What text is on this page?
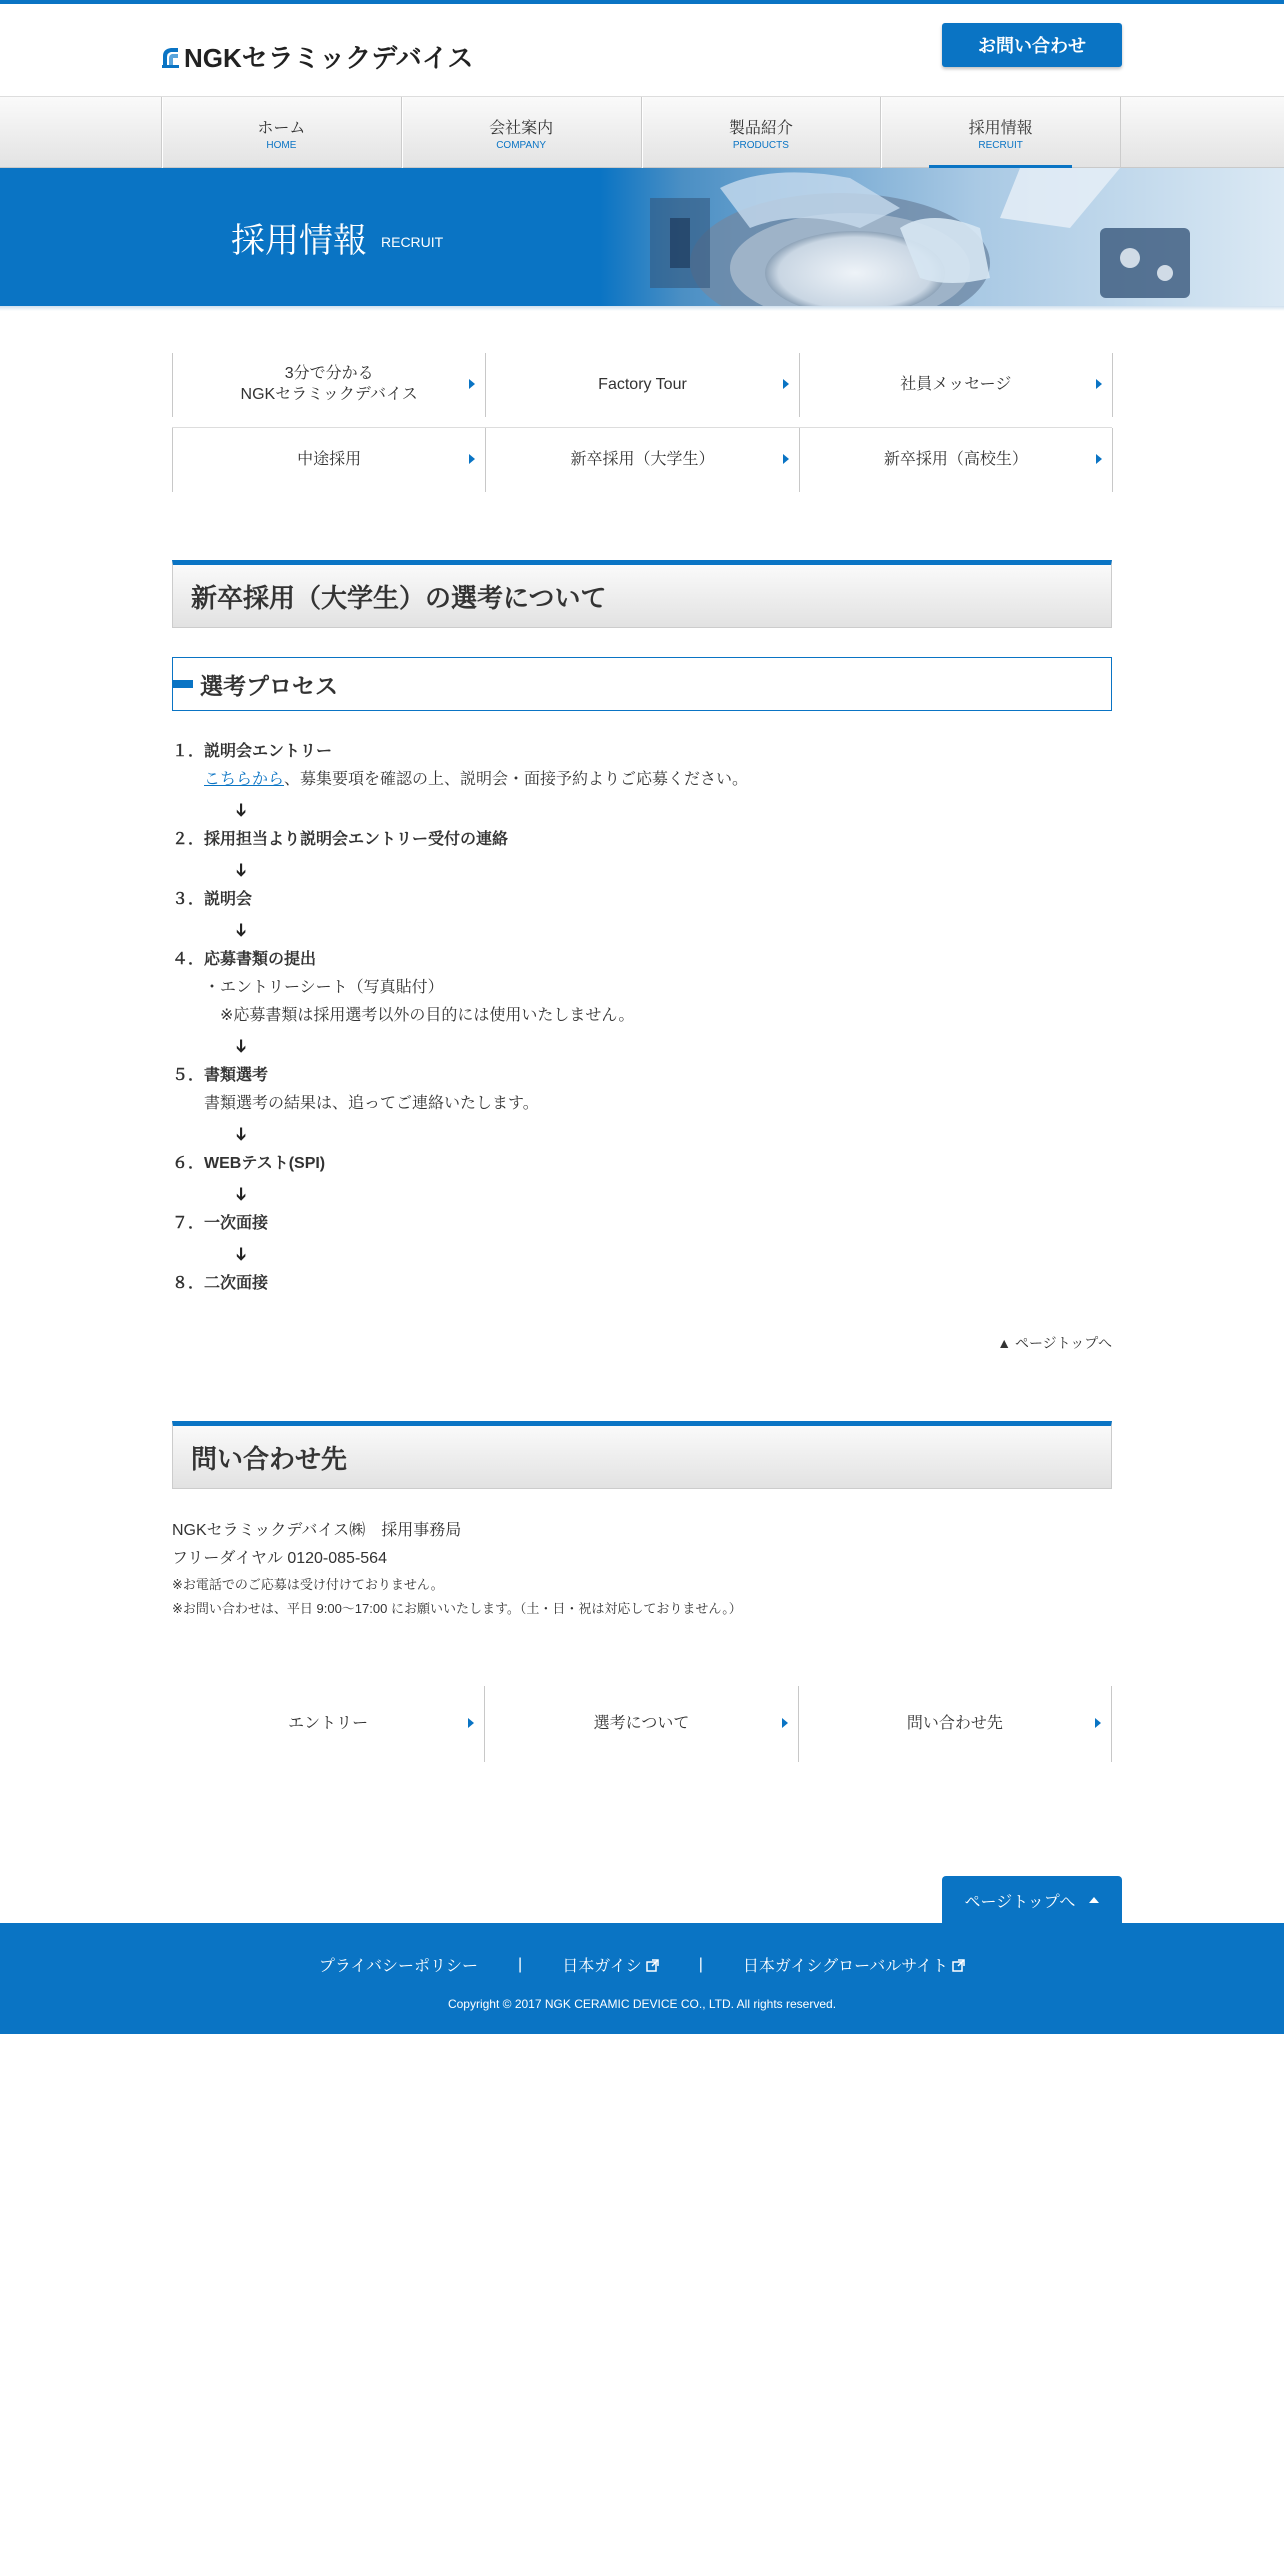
NGKセラミックデバイス	お問い合わせ
ホーム
HOME
会社案内
COMPANY
製品紹介
PRODUCTS
採用情報
RECRUIT
採用情報 RECRUIT
3分で分かる
NGKセラミックデバイス
Factory Tour	社員メッセージ
中途採用	新卒採用（大学生）	新卒採用（高校生）
新卒採用（大学生）の選考について
選考プロセス
１．説明会エントリー
こちらから、募集要項を確認の上、説明会・面接予約よりご応募ください。
➔
２．採用担当より説明会エントリー受付の連絡
➔
３．説明会
➔
４．応募書類の提出
・エントリーシート（写真貼付）
※応募書類は採用選考以外の目的には使用いたしません。
➔
５．書類選考
書類選考の結果は、追ってご連絡いたします。
➔
６．WEBテスト(SPI)
➔
７．一次面接
➔
８．二次面接
▲ ページトップへ
問い合わせ先
NGKセラミックデバイス㈱　採用事務局
フリーダイヤル 0120-085-564
※お電話でのご応募は受け付けておりません。
※お問い合わせは、平日 9:00～17:00 にお願いいたします。（土・日・祝は対応しておりません。）
エントリー	選考について	問い合わせ先
ページトップへ
プライバシーポリシー	|	日本ガイシ	|	日本ガイシグローバルサイト
Copyright © 2017 NGK CERAMIC DEVICE CO., LTD. All rights reserved.
